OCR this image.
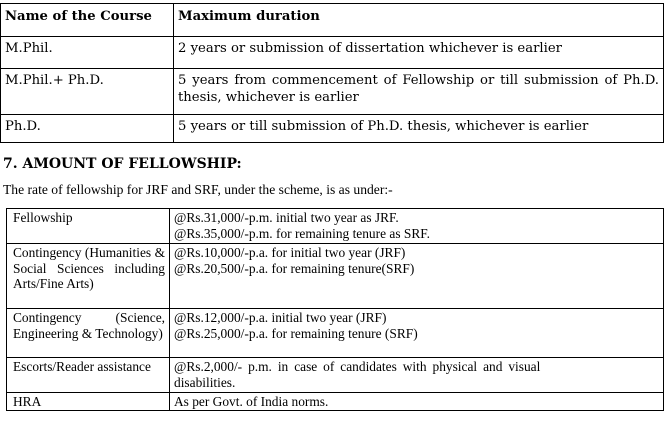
Name of the Course	Maximum duration
M.Phil.	2 years or submission of dissertation whichever is earlier
M.Phil.+ Ph.D.	5 years from commencement of Fellowship or till submission of Ph.D. thesis, whichever is earlier
Ph.D.	5 years or till submission of Ph.D. thesis, whichever is earlier
7. AMOUNT OF FELLOWSHIP:
The rate of fellowship for JRF and SRF, under the scheme, is as under:-
Fellowship	@Rs.31,000/-p.m. initial two year as JRF.
@Rs.35,000/-p.m. for remaining tenure as SRF.

Contingency (Humanities & Social Sciences including Arts/Fine Arts)	@Rs.10,000/-p.a. for initial two year (JRF)
@Rs.20,500/-p.a. for remaining tenure(SRF)

Contingency (Science, Engineering & Technology)	@Rs.12,000/-p.a. initial two year (JRF)
@Rs.25,000/-p.a. for remaining tenure (SRF)

Escorts/Reader assistance	@Rs.2,000/- p.m. in case of candidates with physical and visual
disabilities.

HRA	As per Govt. of India norms.
